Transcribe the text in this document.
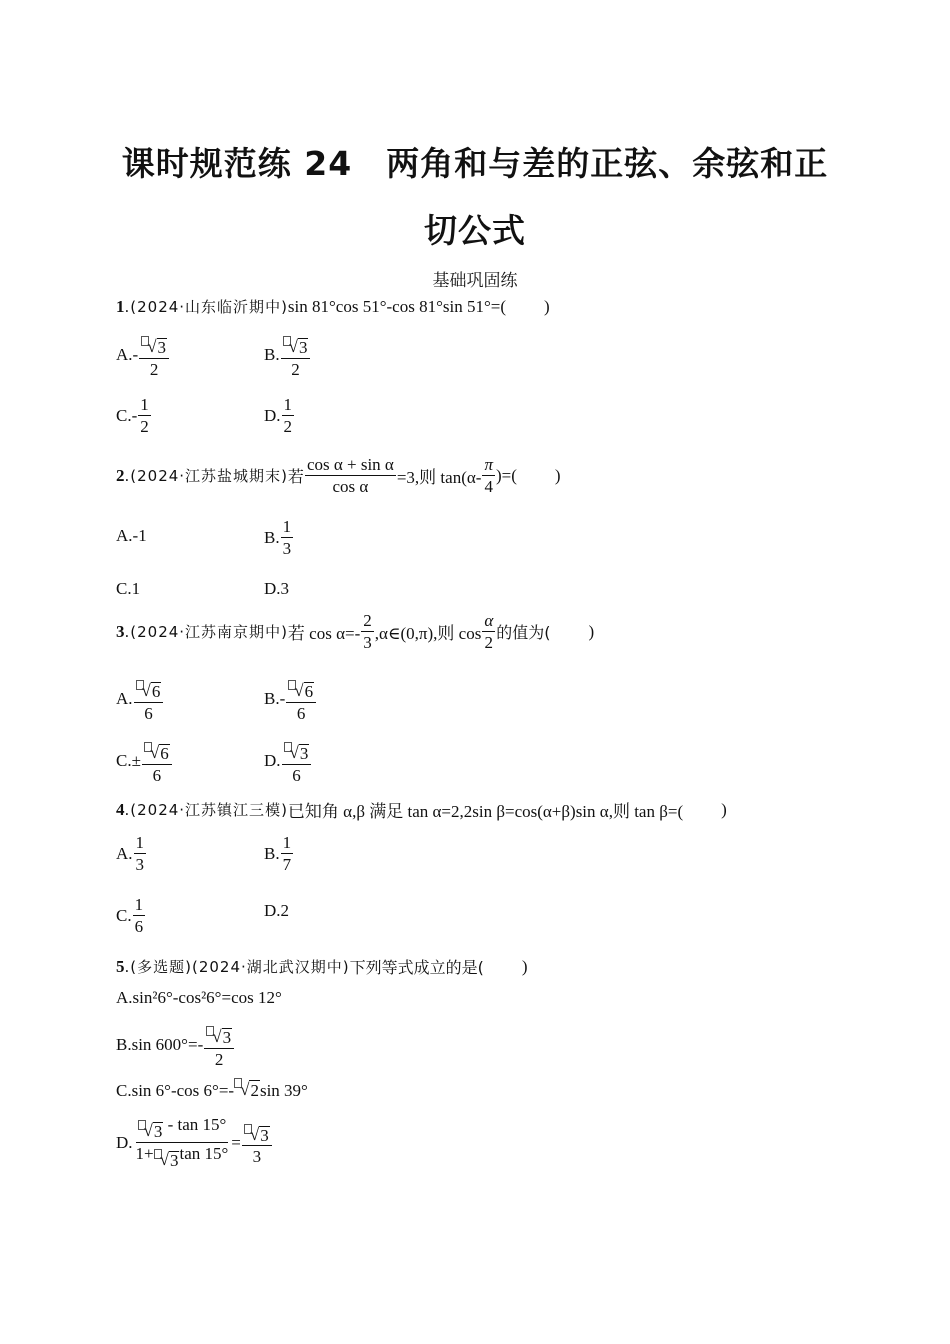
课时规范练 24　两角和与差的正弦、余弦和正
切公式
基础巩固练
1 .(2024·山东临沂期中) sin 81°cos 51°-cos 81°sin 51°=( )
$A.- \frac{√ 3}{2}$	B. $\frac{√ 3}{2}$
$C.- \frac{1}{2}$	D. $\frac{1}{2}$
2 .(2024·江苏盐城期末) 若 $\frac{\text{cos α + sin α}}{\text{cos α}} =3$,则 $\tan(\alpha- \frac{\pi}{4}$ )=( )
A.-1	B. $\frac{1}{3}$
C.1	D.3
3 .(2024·江苏南京期中) 若 $\cos \alpha=- \frac{2}{3}$ ,α∈(0,π),则 $\cos \frac{\alpha}{2}$ 的值为( )
A. $\frac{√ 6}{6}$	$B.- \frac{√ 6}{6}$
$C.\pm \frac{√ 6}{6}$	D. $\frac{√ 3}{6}$
4 .(2024·江苏镇江三模) 已知角 α,β 满足 tan α=2,2sin β=cos(α+β)sin α,则 tan β=( )
A. $\frac{1}{3}$	B. $\frac{1}{7}$
C. $\frac{1}{6}$	D.2
5 .(多选题)(2024·湖北武汉期中) 下列等式成立的是( )
A.sin²6°-cos²6°=cos 12°
B.sin $600^\circ=- \frac{√ 3}{2}$
C.sin 6°-cos 6°=- √ 2 sin 39°
D. $\frac{√ 3 - \tan 15^\circ}{1+ √ 3 \tan 15^\circ} = \frac{√ 3}{3}$
